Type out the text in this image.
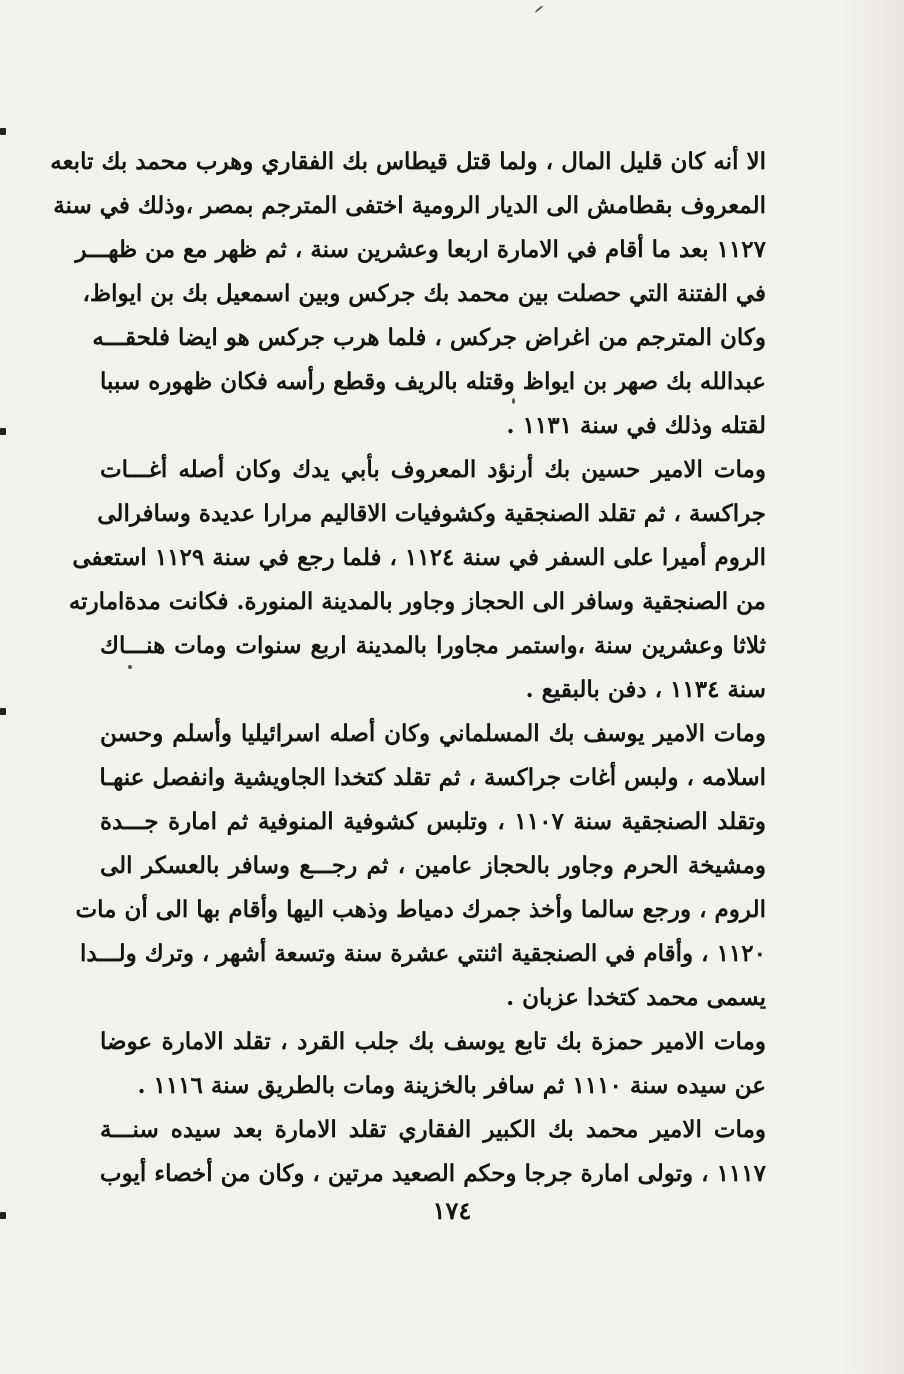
الا أنه كان قليل المال ، ولما قتل قيطاس بك الفقاري وهرب محمد بك تابعه
المعروف بقطامش الى الديار الرومية اختفى المترجم بمصر ،وذلك في سنة
١١٢٧ بعد ما أقام في الامارة اربعا وعشرين سنة ، ثم ظهر مع من ظهـــر
في الفتنة التي حصلت بين محمد بك جركس وبين اسمعيل بك بن ايواظ،
وكان المترجم من اغراض جركس ، فلما هرب جركس هو ايضا فلحقـــه
عبدالله بك صهر بن ايواظ وقتله بالريف وقطع رأسه فكان ظهوره سببا
لقتله وذلك في سنة ١١٣١ .
ومات الامير حسين بك أرنؤد المعروف بأبي يدك وكان أصله أغـــات
جراكسة ، ثم تقلد الصنجقية وكشوفيات الاقاليم مرارا عديدة وسافرالى
الروم أميرا على السفر في سنة ١١٢٤ ، فلما رجع في سنة ١١٢٩ استعفى
من الصنجقية وسافر الى الحجاز وجاور بالمدينة المنورة. فكانت مدةامارته
ثلاثا وعشرين سنة ،واستمر مجاورا بالمدينة اربع سنوات ومات هنـــاك
سنة ١١٣٤ ، دفن بالبقيع .
ومات الامير يوسف بك المسلماني وكان أصله اسرائيليا وأسلم وحسن
اسلامه ، ولبس أغات جراكسة ، ثم تقلد كتخدا الجاويشية وانفصل عنهـا
وتقلد الصنجقية سنة ١١٠٧ ، وتلبس كشوفية المنوفية ثم امارة جـــدة
ومشيخة الحرم وجاور بالحجاز عامين ، ثم رجـــع وسافر بالعسكر الى
الروم ، ورجع سالما وأخذ جمرك دمياط وذهب اليها وأقام بها الى أن مات
١١٢٠ ، وأقام في الصنجقية اثنتي عشرة سنة وتسعة أشهر ، وترك ولـــدا
يسمى محمد كتخدا عزبان .
ومات الامير حمزة بك تابع يوسف بك جلب القرد ، تقلد الامارة عوضا
عن سيده سنة ١١١٠ ثم سافر بالخزينة ومات بالطريق سنة ١١١٦ .
ومات الامير محمد بك الكبير الفقاري تقلد الامارة بعد سيده سنـــة
١١١٧ ، وتولى امارة جرجا وحكم الصعيد مرتين ، وكان من أخصاء أيوب
١٧٤
